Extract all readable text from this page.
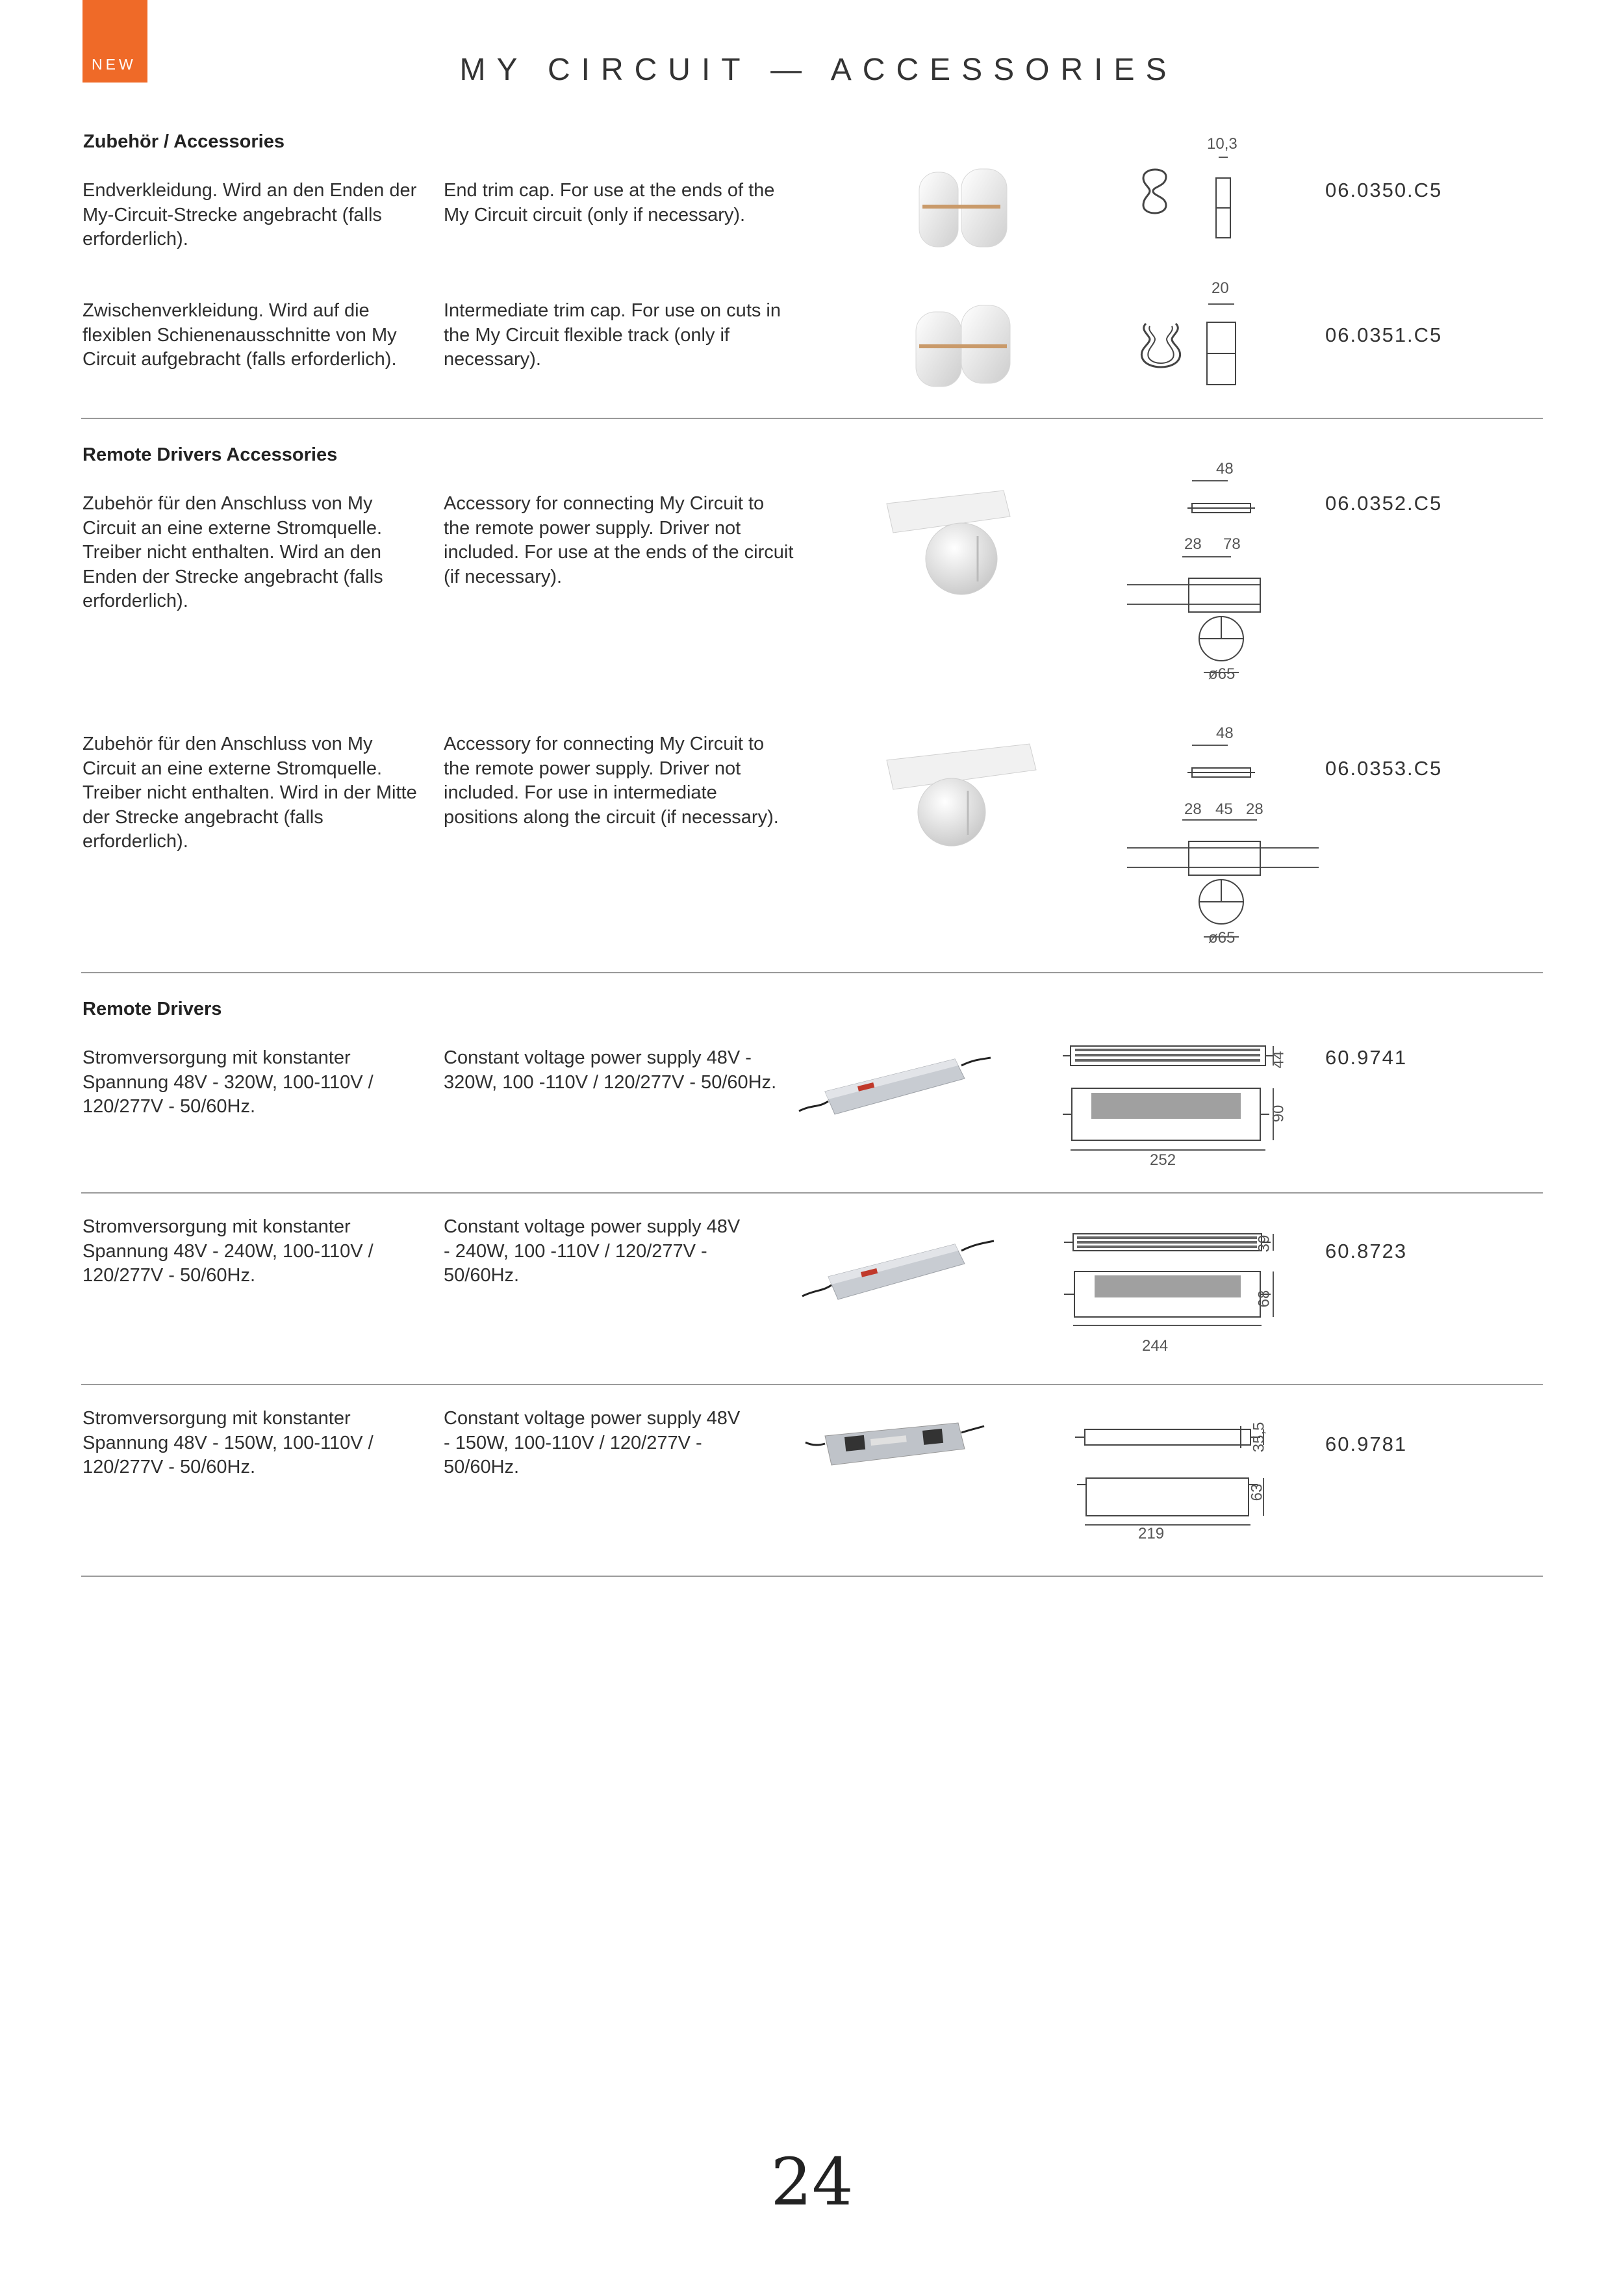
NEW	MY CIRCUIT — ACCESSORIES
Zubehör / Accessories
Endverkleidung. Wird an den Enden der My-Circuit-Strecke angebracht (falls erforderlich).
End trim cap. For use at the ends of the My Circuit circuit (only if necessary).
06.0350.C5
10,3
Zwischenverkleidung. Wird auf die flexiblen Schienenausschnitte von My Circuit aufgebracht (falls erforderlich).
Intermediate trim cap. For use on cuts in the My Circuit flexible track (only if necessary).
06.0351.C5
20
Remote Drivers Accessories
Zubehör für den Anschluss von My Circuit an eine externe Stromquelle. Treiber nicht enthalten. Wird an den Enden der Strecke angebracht (falls erforderlich).
Accessory for connecting My Circuit to the remote power supply. Driver not included. For use at the ends of the circuit (if necessary).
06.0352.C5
48
28 78
ø65
Zubehör für den Anschluss von My Circuit an eine externe Stromquelle. Treiber nicht enthalten. Wird in der Mitte der Strecke angebracht (falls erforderlich).
Accessory for connecting My Circuit to the remote power supply. Driver not included. For use in intermediate positions along the circuit (if necessary).
06.0353.C5
48
28 45 28
ø65
Remote Drivers
Stromversorgung mit konstanter Spannung 48V - 320W, 100-110V / 120/277V - 50/60Hz.
Constant voltage power supply 48V - 320W, 100 -110V / 120/277V - 50/60Hz.
60.9741
44
90
252
Stromversorgung mit konstanter Spannung 48V - 240W, 100-110V / 120/277V - 50/60Hz.
Constant voltage power supply 48V - 240W, 100 -110V / 120/277V - 50/60Hz.
60.8723
39
68
244
Stromversorgung mit konstanter Spannung 48V - 150W, 100-110V / 120/277V - 50/60Hz.
Constant voltage power supply 48V - 150W, 100-110V / 120/277V - 50/60Hz.
60.9781
35,5
63
219
24
